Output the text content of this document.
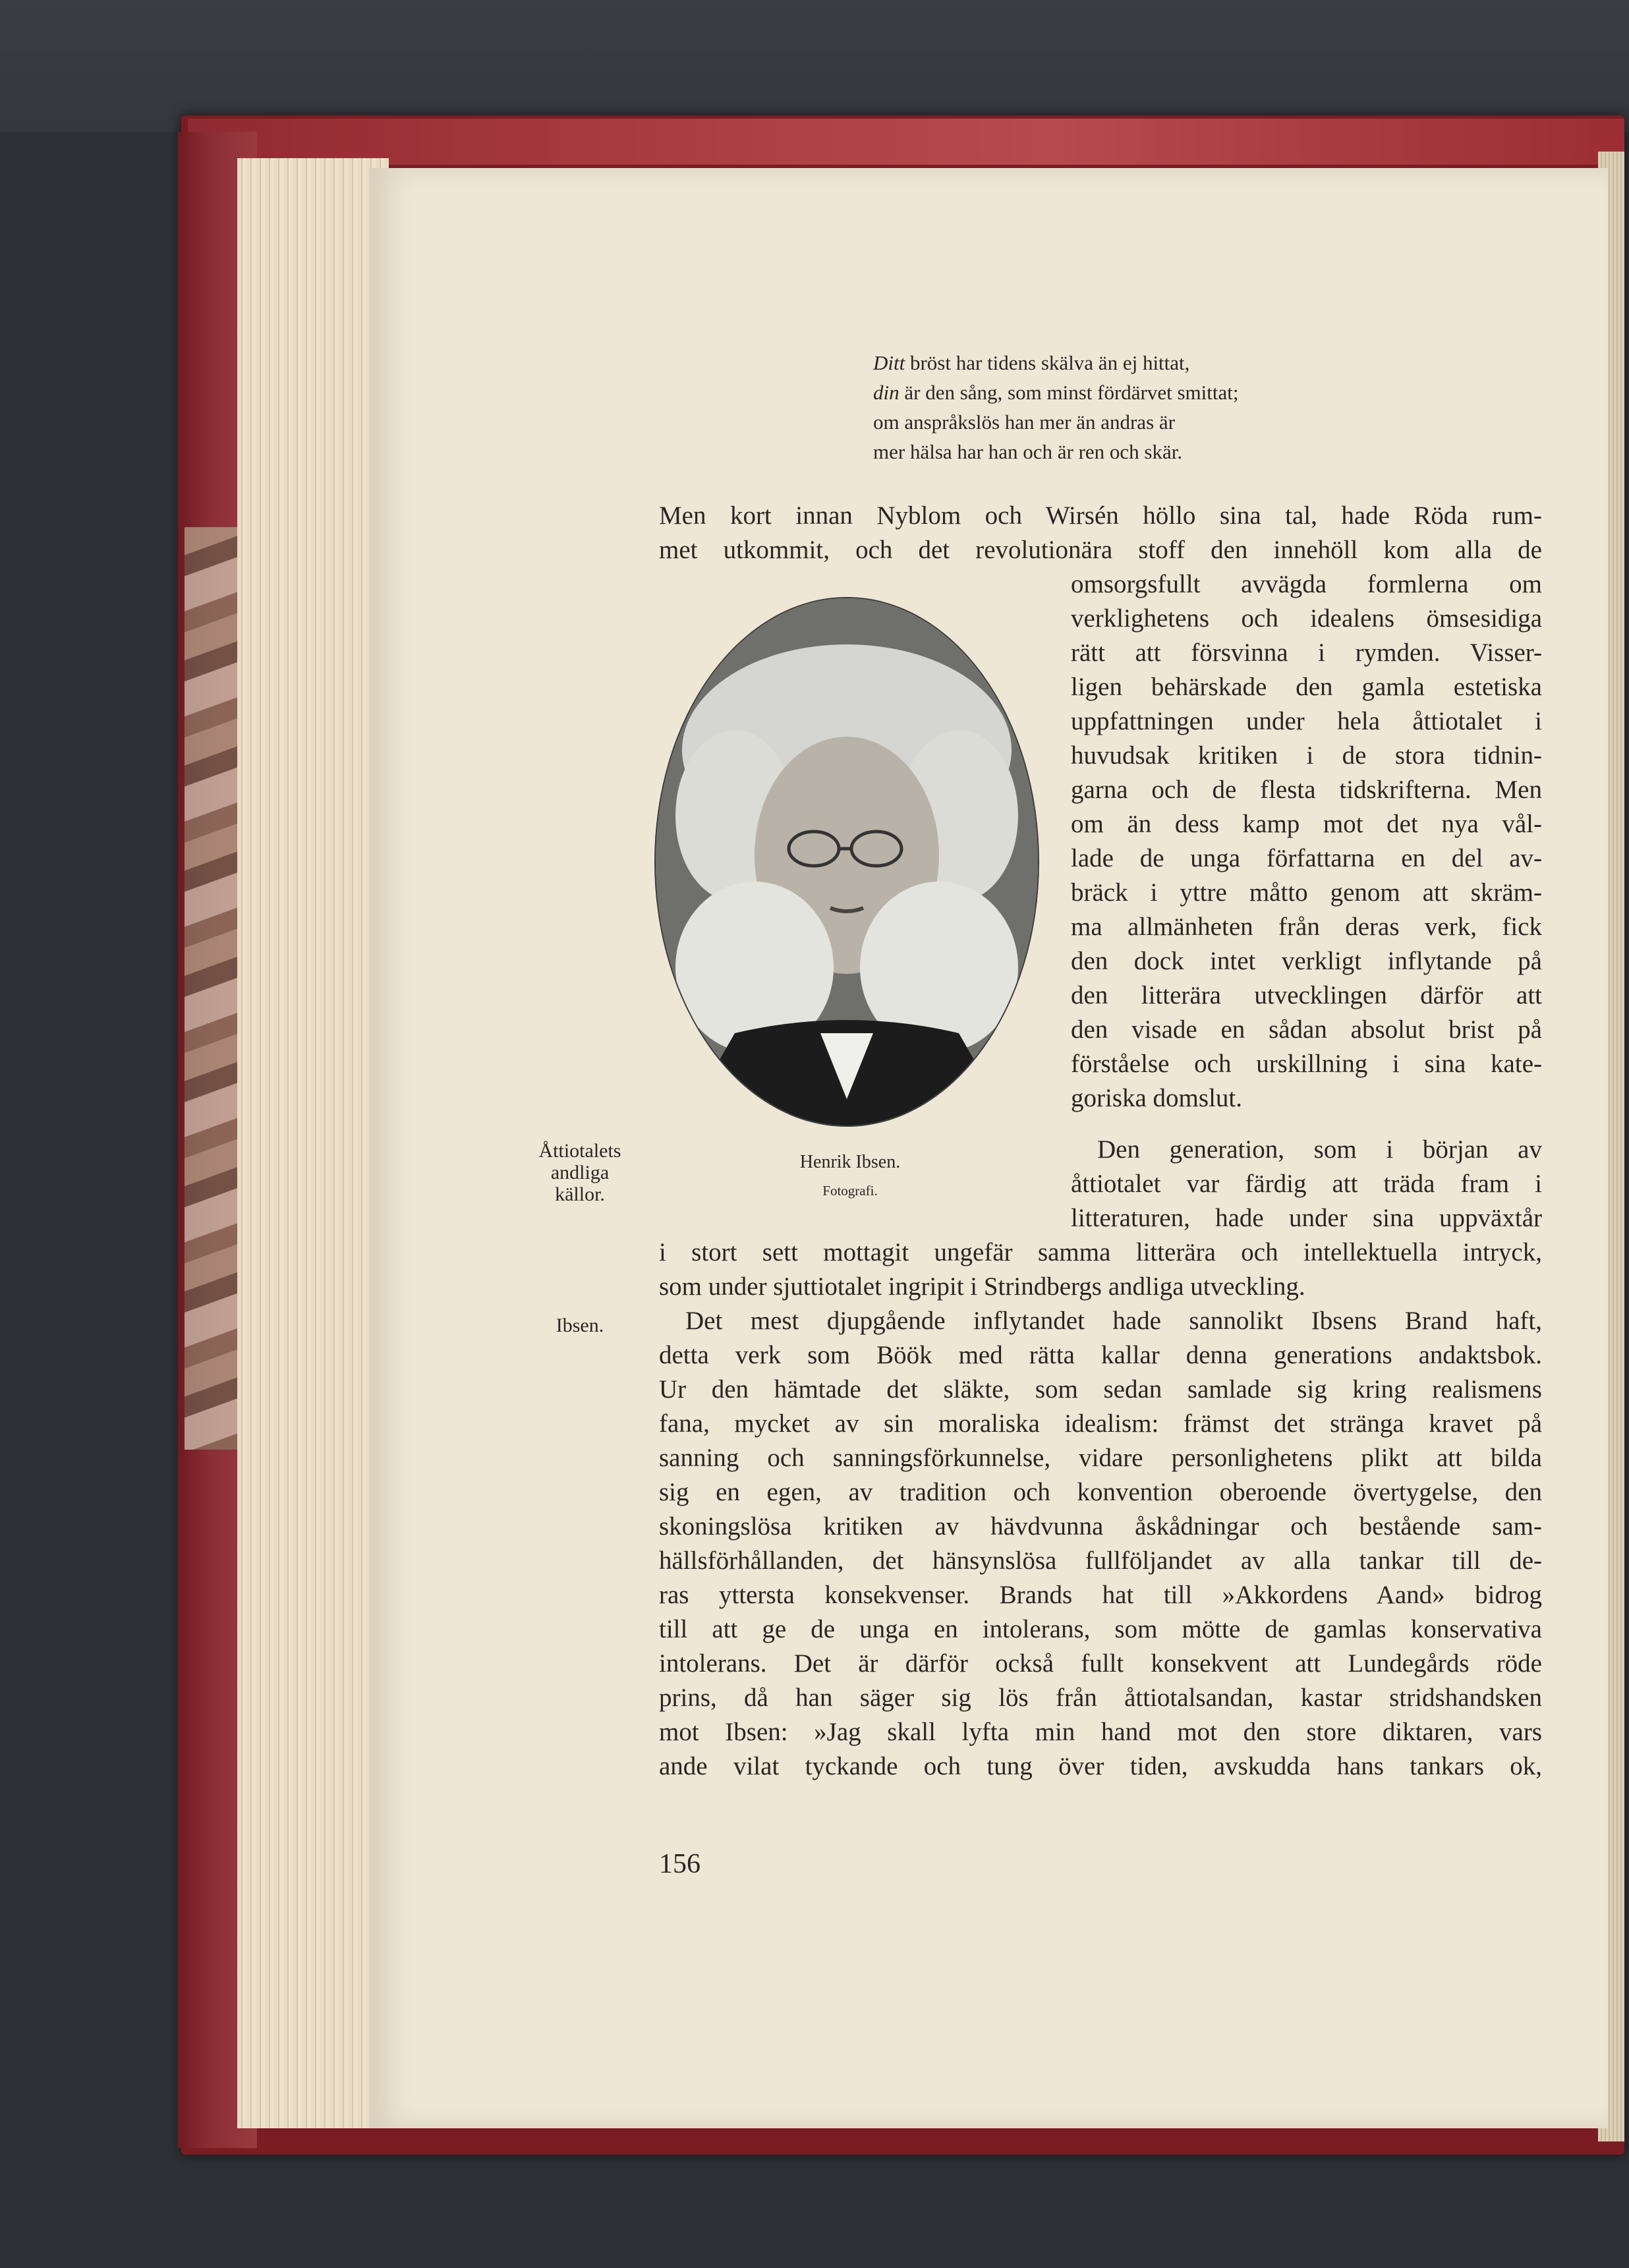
Ditt bröst har tidens skälva än ej hittat,
din är den sång, som minst fördärvet smittat;
om anspråkslös han mer än andras är
mer hälsa har han och är ren och skär.
Men kort innan Nyblom och Wirsén höllo sina tal, hade Röda rum-
met utkommit, och det revolutionära stoff den innehöll kom alla de
omsorgsfullt avvägda formlerna om
verklighetens och idealens ömsesidiga
rätt att försvinna i rymden. Visser-
ligen behärskade den gamla estetiska
uppfattningen under hela åttiotalet i
huvudsak kritiken i de stora tidnin-
garna och de flesta tidskrifterna. Men
om än dess kamp mot det nya vål-
lade de unga författarna en del av-
bräck i yttre måtto genom att skräm-
ma allmänheten från deras verk, fick
den dock intet verkligt inflytande på
den litterära utvecklingen därför att
den visade en sådan absolut brist på
förståelse och urskillning i sina kate-
goriska domslut.
Den generation, som i början av
åttiotalet var färdig att träda fram i
litteraturen, hade under sina uppväxtår
i stort sett mottagit ungefär samma litterära och intellektuella intryck,
som under sjuttiotalet ingripit i Strindbergs andliga utveckling.
Det mest djupgående inflytandet hade sannolikt Ibsens Brand haft,
detta verk som Böök med rätta kallar denna generations andaktsbok.
Ur den hämtade det släkte, som sedan samlade sig kring realismens
fana, mycket av sin moraliska idealism: främst det stränga kravet på
sanning och sanningsförkunnelse, vidare personlighetens plikt att bilda
sig en egen, av tradition och konvention oberoende övertygelse, den
skoningslösa kritiken av hävdvunna åskådningar och bestående sam-
hällsförhållanden, det hänsynslösa fullföljandet av alla tankar till de-
ras yttersta konsekvenser. Brands hat till »Akkordens Aand» bidrog
till att ge de unga en intolerans, som mötte de gamlas konservativa
intolerans. Det är därför också fullt konsekvent att Lundegårds röde
prins, då han säger sig lös från åttiotalsandan, kastar stridshandsken
mot Ibsen: »Jag skall lyfta min hand mot den store diktaren, vars
ande vilat tyckande och tung över tiden, avskudda hans tankars ok,
Henrik Ibsen.
Fotografi.
Åttiotalets andliga källor.
Ibsen.
156
